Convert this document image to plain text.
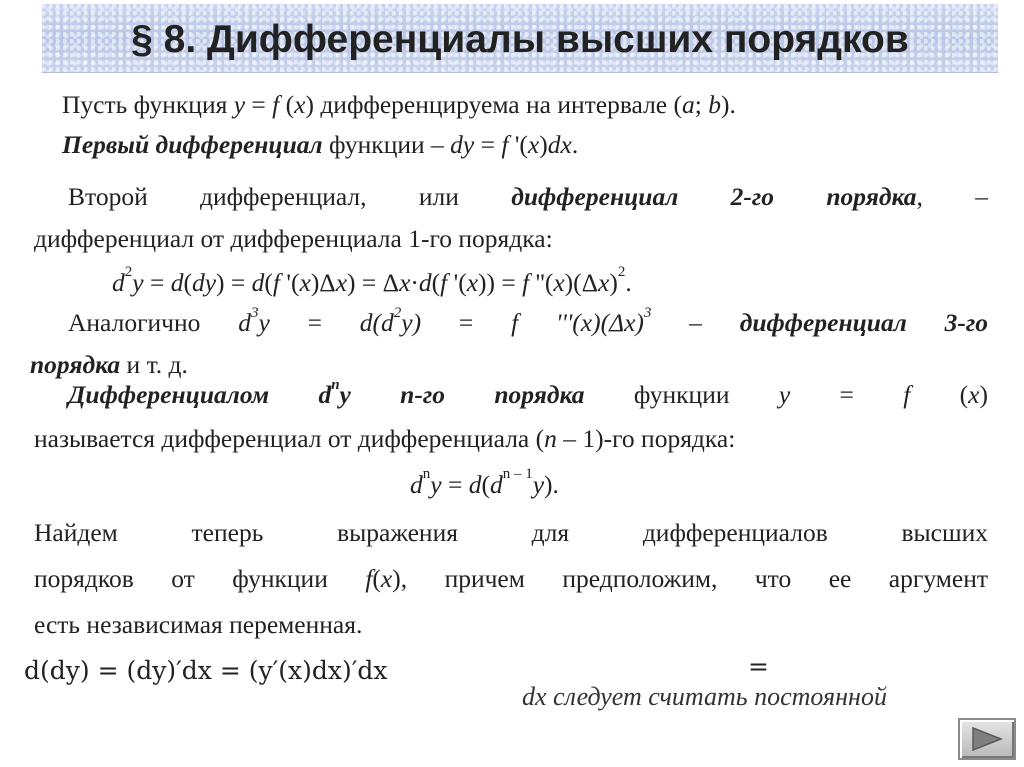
§ 8. Дифференциалы высших порядков
Пусть функция y = f (x) дифференцируема на интервале (a; b).
Первый дифференциал функции – dy = f '(x)dx.
Второй дифференциал, или дифференциал 2-го порядка, –
дифференциал от дифференциала 1-го порядка:
$d^2y = d(dy) = d(f$ '(x)Δx) = Δx·d(f '(x)) = f ''$(x)(\Delta x)^2$.
Аналогично $d^3y = d(d^2y) = f$ '''$(x)(\Delta x)^3$ – дифференциал 3-го
порядка и т. д.
Дифференциалом $d^ny$ n-го порядка функции y = f (x)
называется дифференциал от дифференциала (n – 1)-го порядка:
$d^ny = d(d^{n - 1}y)$.
Найдем теперь выражения для дифференциалов высших
порядков от функции f(x), причем предположим, что ее аргумент
есть независимая переменная.
d(dy) = (dy)′dx = (y′(x)dx)′dx	=
dx следует считать постоянной
